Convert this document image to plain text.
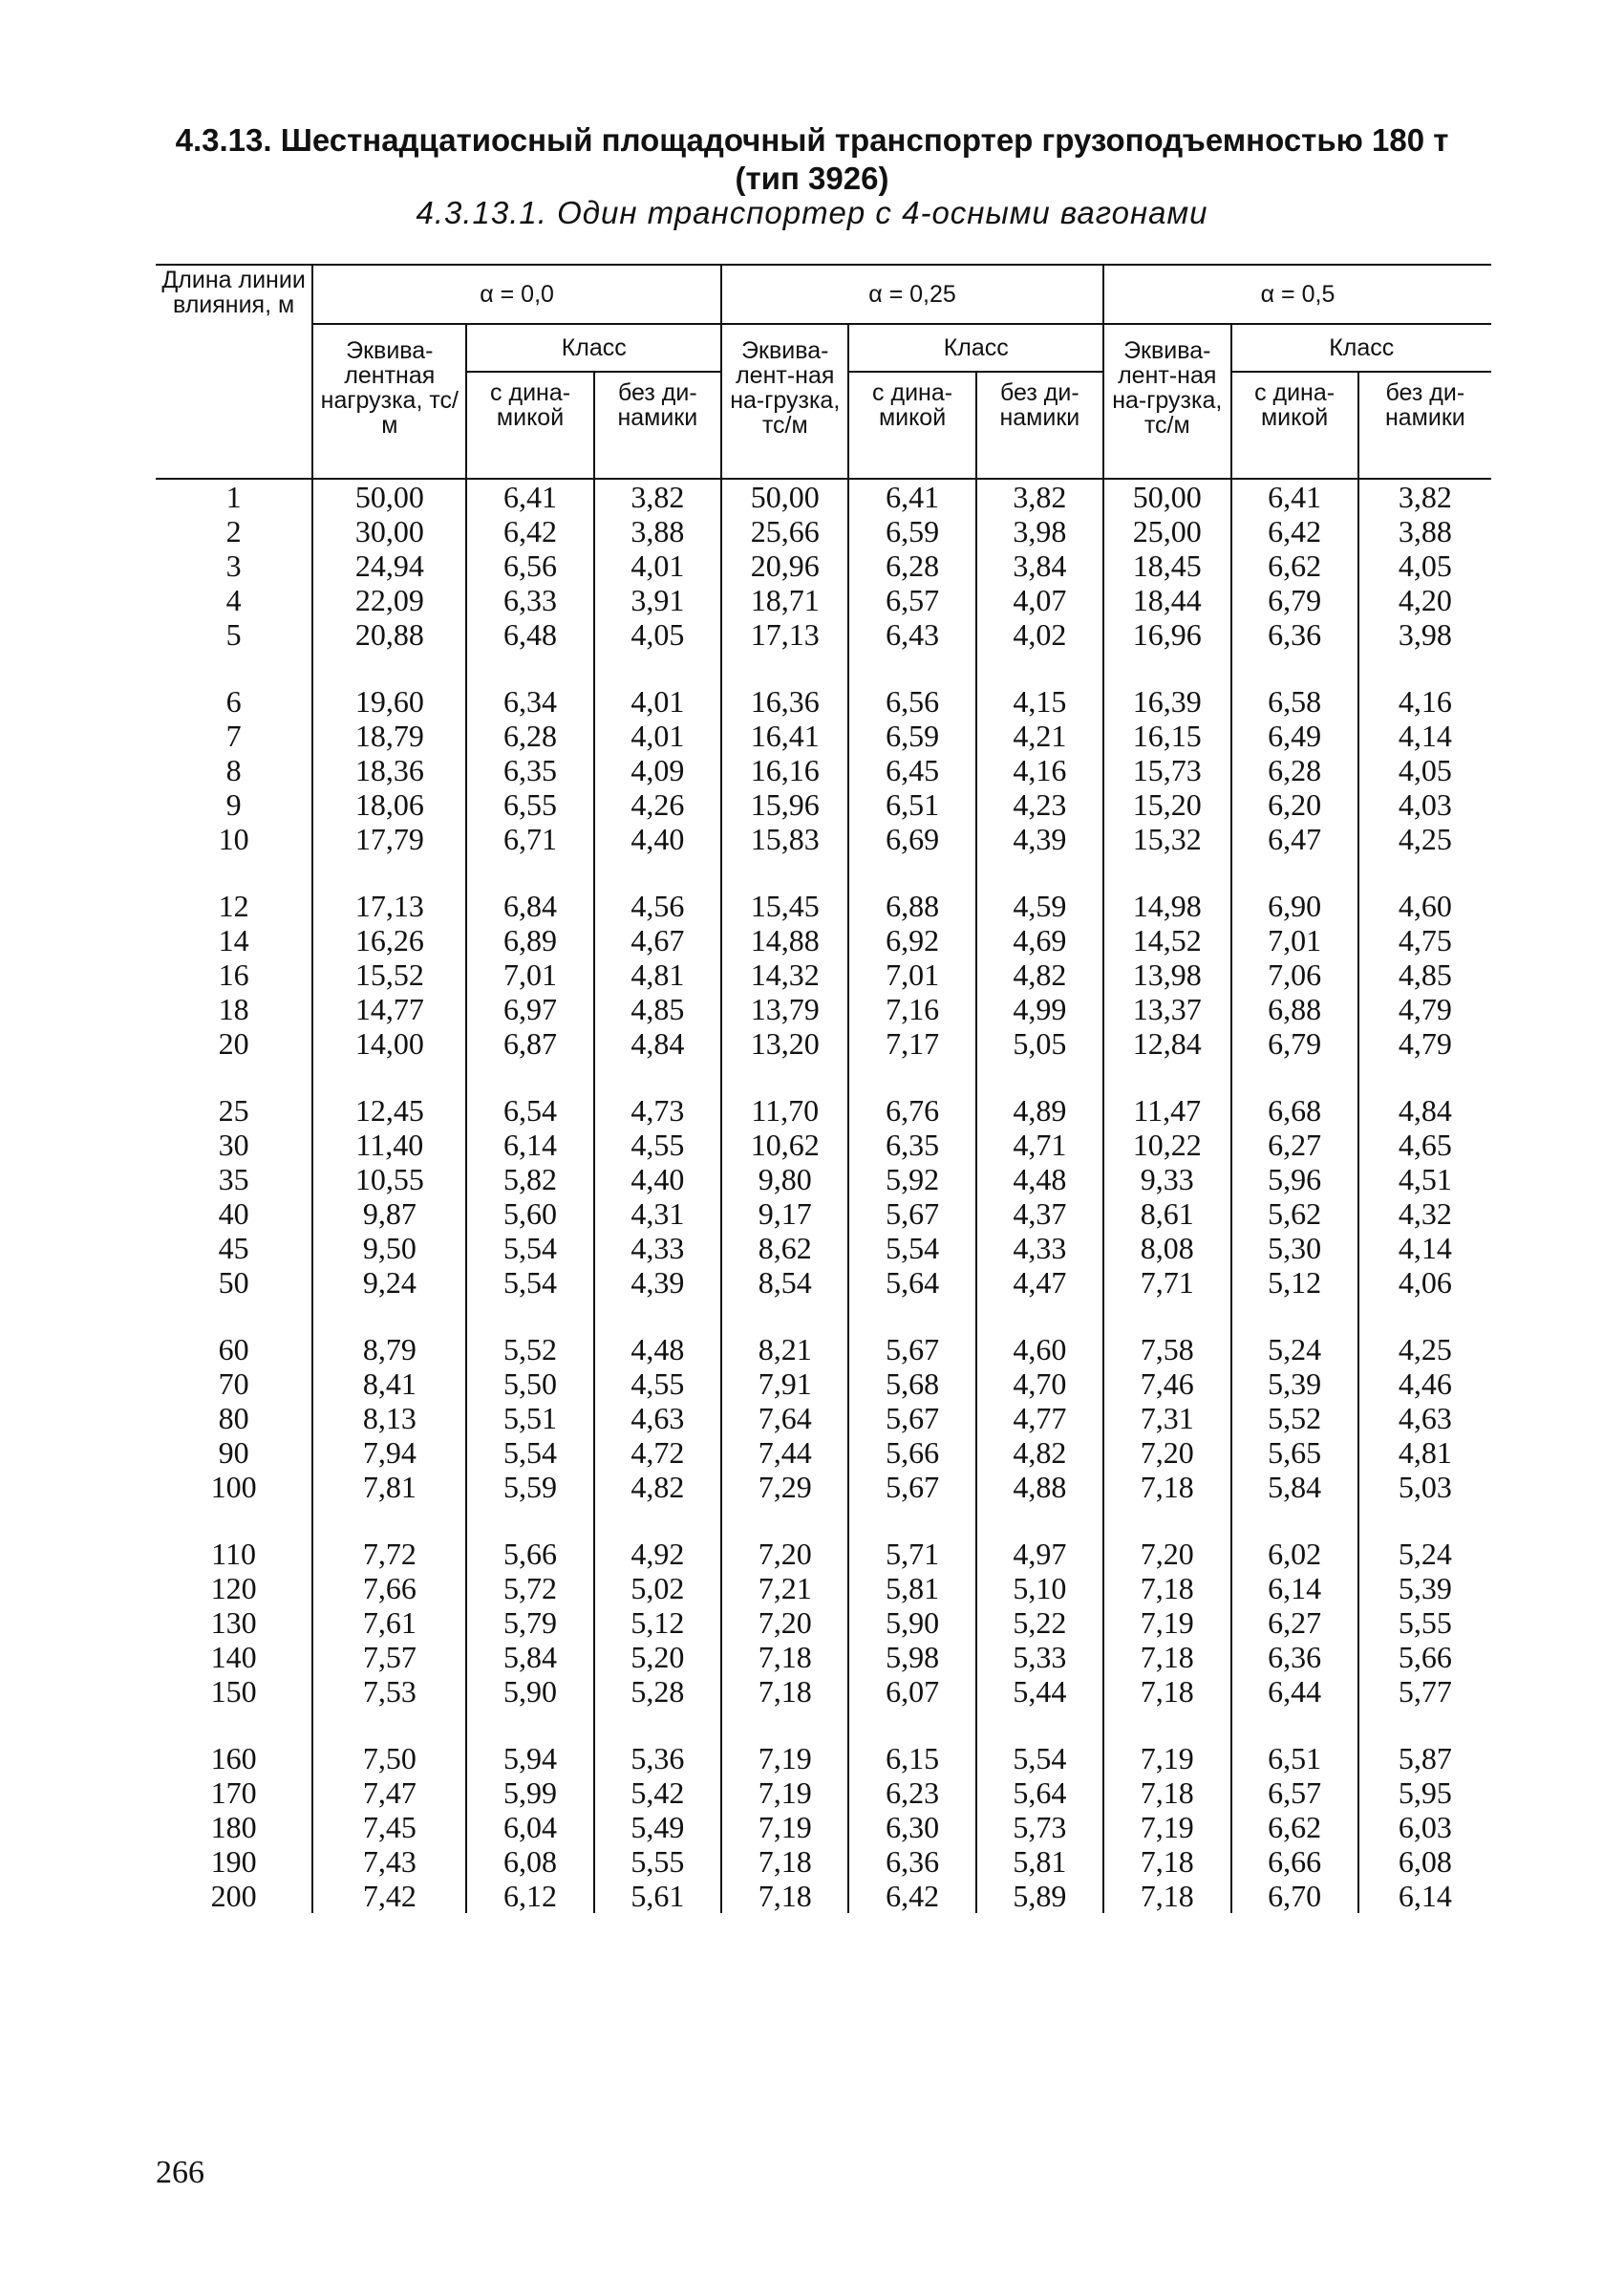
4.3.13. Шестнадцатиосный площадочный транспортер грузоподъемностью 180 т
(тип 3926)
4.3.13.1. Один транспортер с 4-осными вагонами
Длина линии влияния, м	α = 0,0			α = 0,25			α = 0,5		
	Эквива-лентная нагрузка, тс/м	Класс		Эквива-лент-ная на-грузка, тс/м	Класс		Эквива-лент-ная на-грузка, тс/м	Класс	
		с дина-микой	без ди-намики		с дина-микой	без ди-намики		с дина-микой	без ди-намики
1	50,00	6,41	3,82	50,00	6,41	3,82	50,00	6,41	3,82
2	30,00	6,42	3,88	25,66	6,59	3,98	25,00	6,42	3,88
3	24,94	6,56	4,01	20,96	6,28	3,84	18,45	6,62	4,05
4	22,09	6,33	3,91	18,71	6,57	4,07	18,44	6,79	4,20
5	20,88	6,48	4,05	17,13	6,43	4,02	16,96	6,36	3,98
6	19,60	6,34	4,01	16,36	6,56	4,15	16,39	6,58	4,16
7	18,79	6,28	4,01	16,41	6,59	4,21	16,15	6,49	4,14
8	18,36	6,35	4,09	16,16	6,45	4,16	15,73	6,28	4,05
9	18,06	6,55	4,26	15,96	6,51	4,23	15,20	6,20	4,03
10	17,79	6,71	4,40	15,83	6,69	4,39	15,32	6,47	4,25
12	17,13	6,84	4,56	15,45	6,88	4,59	14,98	6,90	4,60
14	16,26	6,89	4,67	14,88	6,92	4,69	14,52	7,01	4,75
16	15,52	7,01	4,81	14,32	7,01	4,82	13,98	7,06	4,85
18	14,77	6,97	4,85	13,79	7,16	4,99	13,37	6,88	4,79
20	14,00	6,87	4,84	13,20	7,17	5,05	12,84	6,79	4,79
25	12,45	6,54	4,73	11,70	6,76	4,89	11,47	6,68	4,84
30	11,40	6,14	4,55	10,62	6,35	4,71	10,22	6,27	4,65
35	10,55	5,82	4,40	9,80	5,92	4,48	9,33	5,96	4,51
40	9,87	5,60	4,31	9,17	5,67	4,37	8,61	5,62	4,32
45	9,50	5,54	4,33	8,62	5,54	4,33	8,08	5,30	4,14
50	9,24	5,54	4,39	8,54	5,64	4,47	7,71	5,12	4,06
60	8,79	5,52	4,48	8,21	5,67	4,60	7,58	5,24	4,25
70	8,41	5,50	4,55	7,91	5,68	4,70	7,46	5,39	4,46
80	8,13	5,51	4,63	7,64	5,67	4,77	7,31	5,52	4,63
90	7,94	5,54	4,72	7,44	5,66	4,82	7,20	5,65	4,81
100	7,81	5,59	4,82	7,29	5,67	4,88	7,18	5,84	5,03
110	7,72	5,66	4,92	7,20	5,71	4,97	7,20	6,02	5,24
120	7,66	5,72	5,02	7,21	5,81	5,10	7,18	6,14	5,39
130	7,61	5,79	5,12	7,20	5,90	5,22	7,19	6,27	5,55
140	7,57	5,84	5,20	7,18	5,98	5,33	7,18	6,36	5,66
150	7,53	5,90	5,28	7,18	6,07	5,44	7,18	6,44	5,77
160	7,50	5,94	5,36	7,19	6,15	5,54	7,19	6,51	5,87
170	7,47	5,99	5,42	7,19	6,23	5,64	7,18	6,57	5,95
180	7,45	6,04	5,49	7,19	6,30	5,73	7,19	6,62	6,03
190	7,43	6,08	5,55	7,18	6,36	5,81	7,18	6,66	6,08
200	7,42	6,12	5,61	7,18	6,42	5,89	7,18	6,70	6,14
266
